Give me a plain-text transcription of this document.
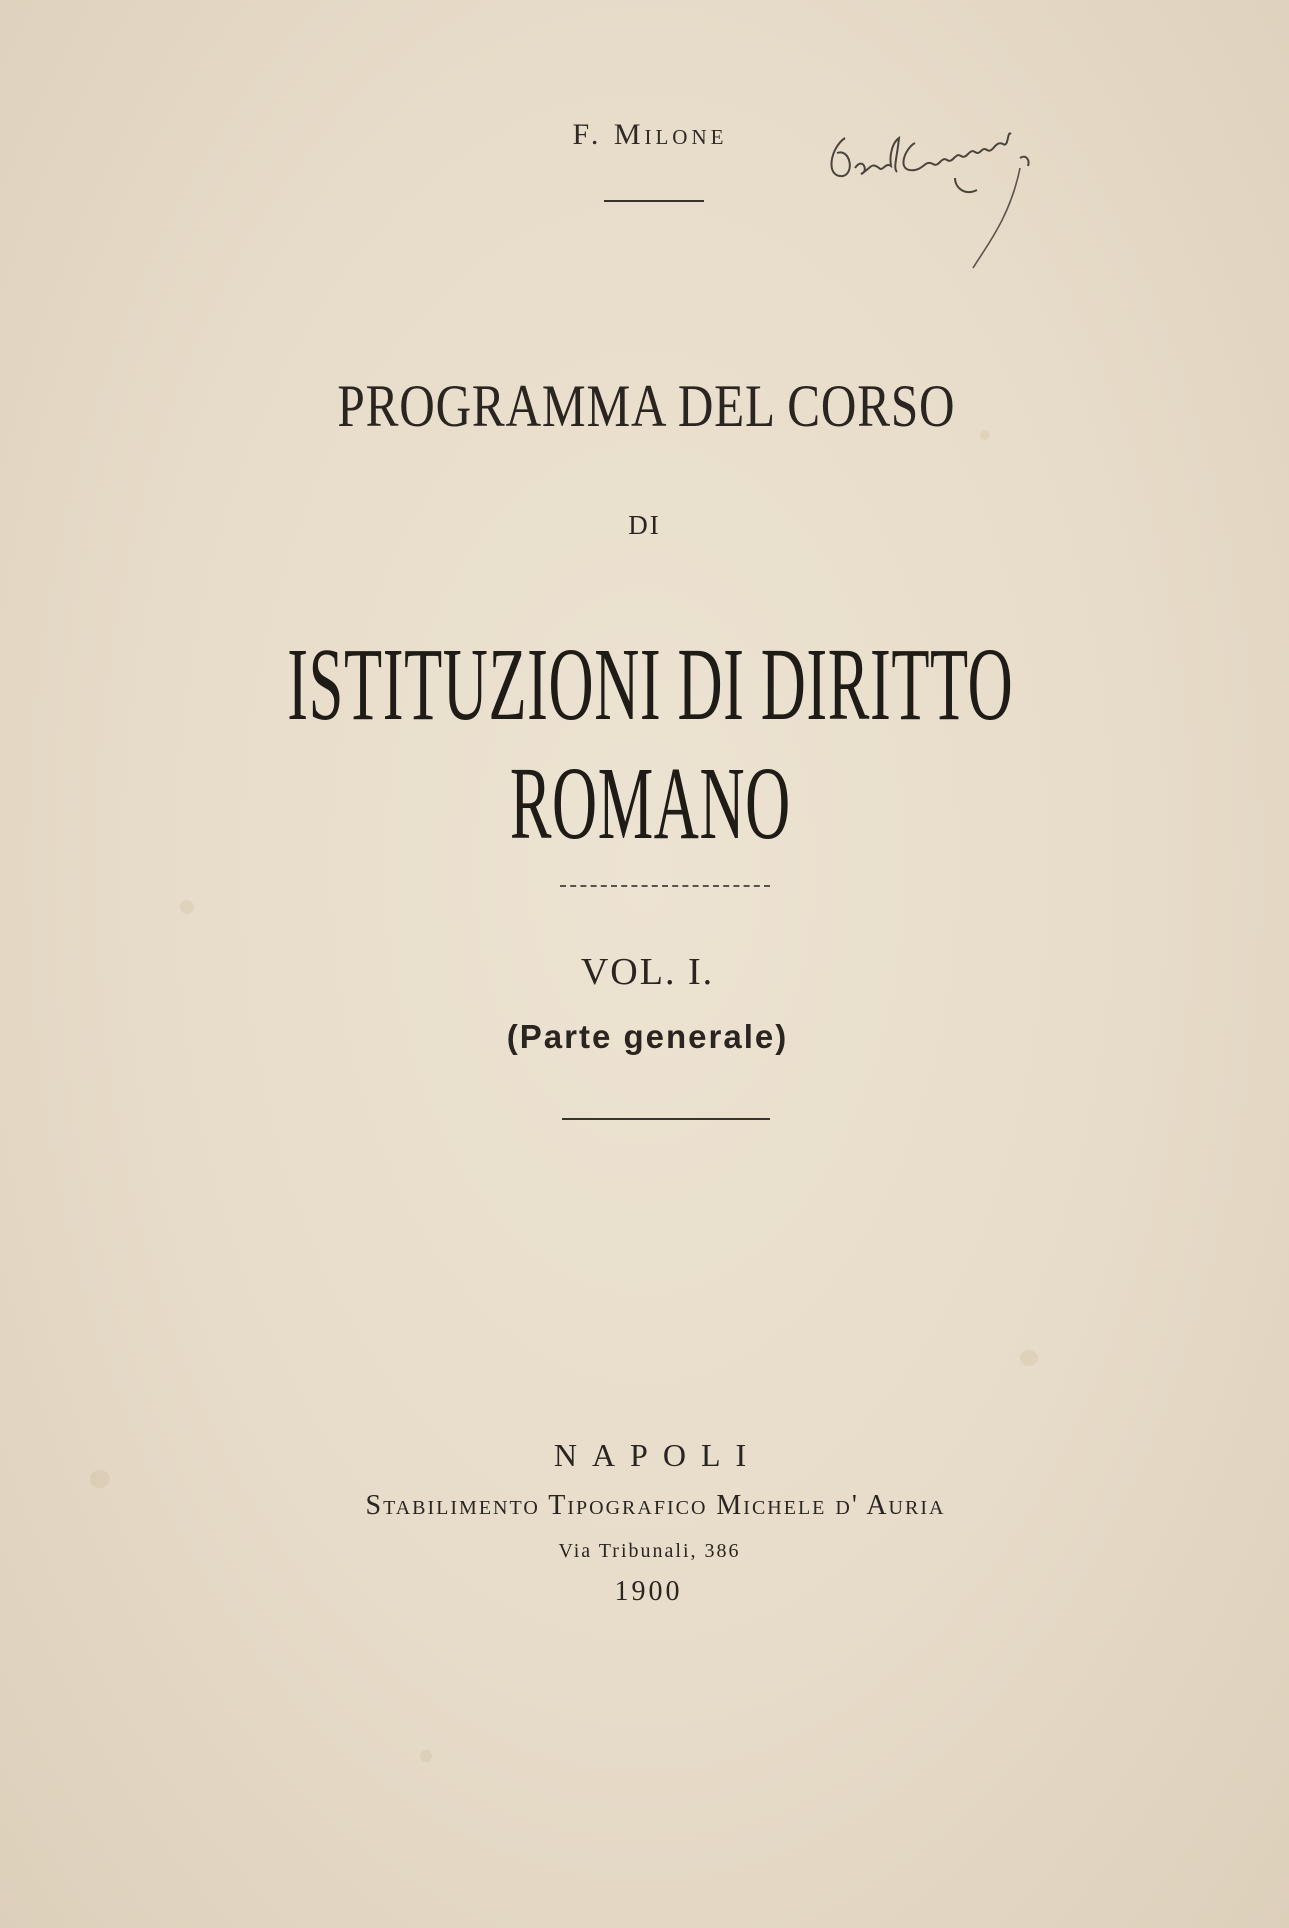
F. Milone
PROGRAMMA DEL CORSO
DI
ISTITUZIONI DI DIRITTO ROMANO
VOL. I.
(Parte generale)
NAPOLI
Stabilimento Tipografico Michele d' Auria
Via Tribunali, 386
1900
